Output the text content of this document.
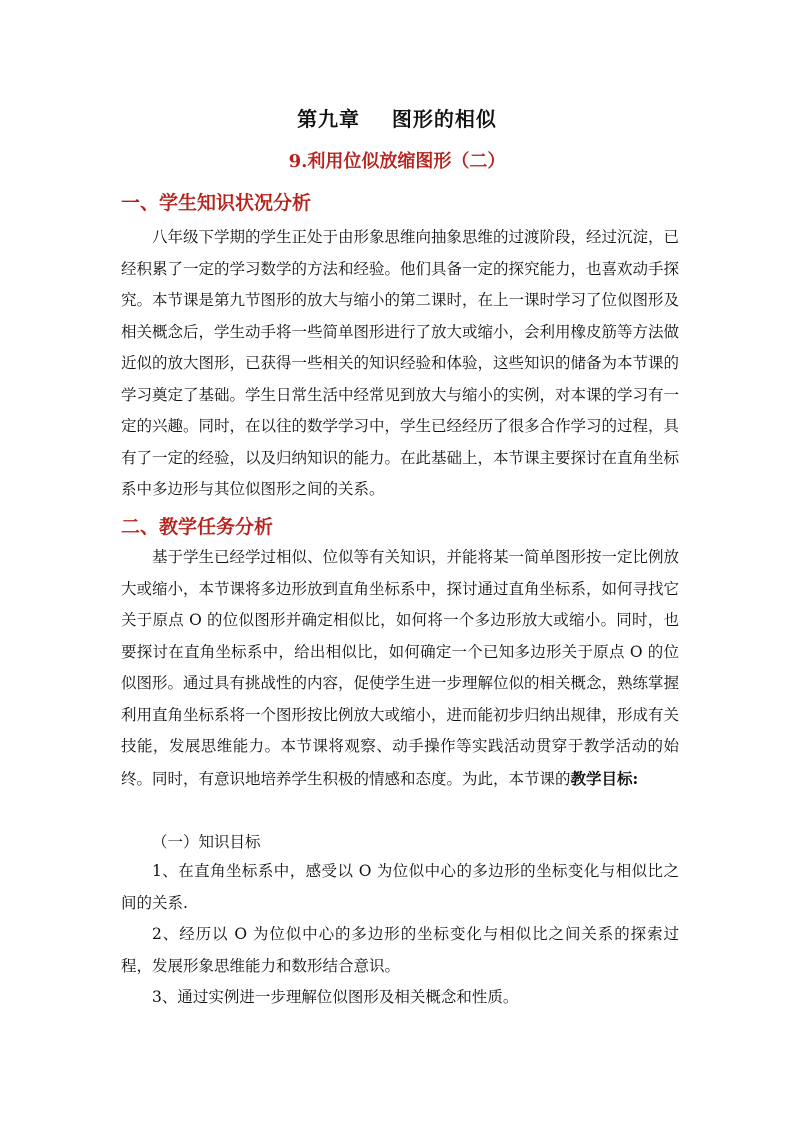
第九章    图形的相似
9.利用位似放缩图形（二）
一、学生知识状况分析

八年级下学期的学生正处于由形象思维向抽象思维的过渡阶段，经过沉淀，已经积累了一定的学习数学的方法和经验。他们具备一定的探究能力，也喜欢动手探究。本节课是第九节图形的放大与缩小的第二课时，在上一课时学习了位似图形及相关概念后，学生动手将一些简单图形进行了放大或缩小，会利用橡皮筋等方法做近似的放大图形，已获得一些相关的知识经验和体验，这些知识的储备为本节课的学习奠定了基础。学生日常生活中经常见到放大与缩小的实例，对本课的学习有一定的兴趣。同时，在以往的数学学习中，学生已经经历了很多合作学习的过程，具有了一定的经验，以及归纳知识的能力。在此基础上，本节课主要探讨在直角坐标系中多边形与其位似图形之间的关系。

二、教学任务分析

基于学生已经学过相似、位似等有关知识，并能将某一简单图形按一定比例放大或缩小，本节课将多边形放到直角坐标系中，探讨通过直角坐标系，如何寻找它关于原点 O 的位似图形并确定相似比，如何将一个多边形放大或缩小。同时，也要探讨在直角坐标系中，给出相似比，如何确定一个已知多边形关于原点 O 的位似图形。通过具有挑战性的内容，促使学生进一步理解位似的相关概念，熟练掌握利用直角坐标系将一个图形按比例放大或缩小，进而能初步归纳出规律，形成有关技能，发展思维能力。本节课将观察、动手操作等实践活动贯穿于教学活动的始终。同时，有意识地培养学生积极的情感和态度。为此，本节课的教学目标:

（一）知识目标

1、在直角坐标系中，感受以 O 为位似中心的多边形的坐标变化与相似比之间的关系.

2、经历以 O 为位似中心的多边形的坐标变化与相似比之间关系的探索过程，发展形象思维能力和数形结合意识。

3、通过实例进一步理解位似图形及相关概念和性质。
